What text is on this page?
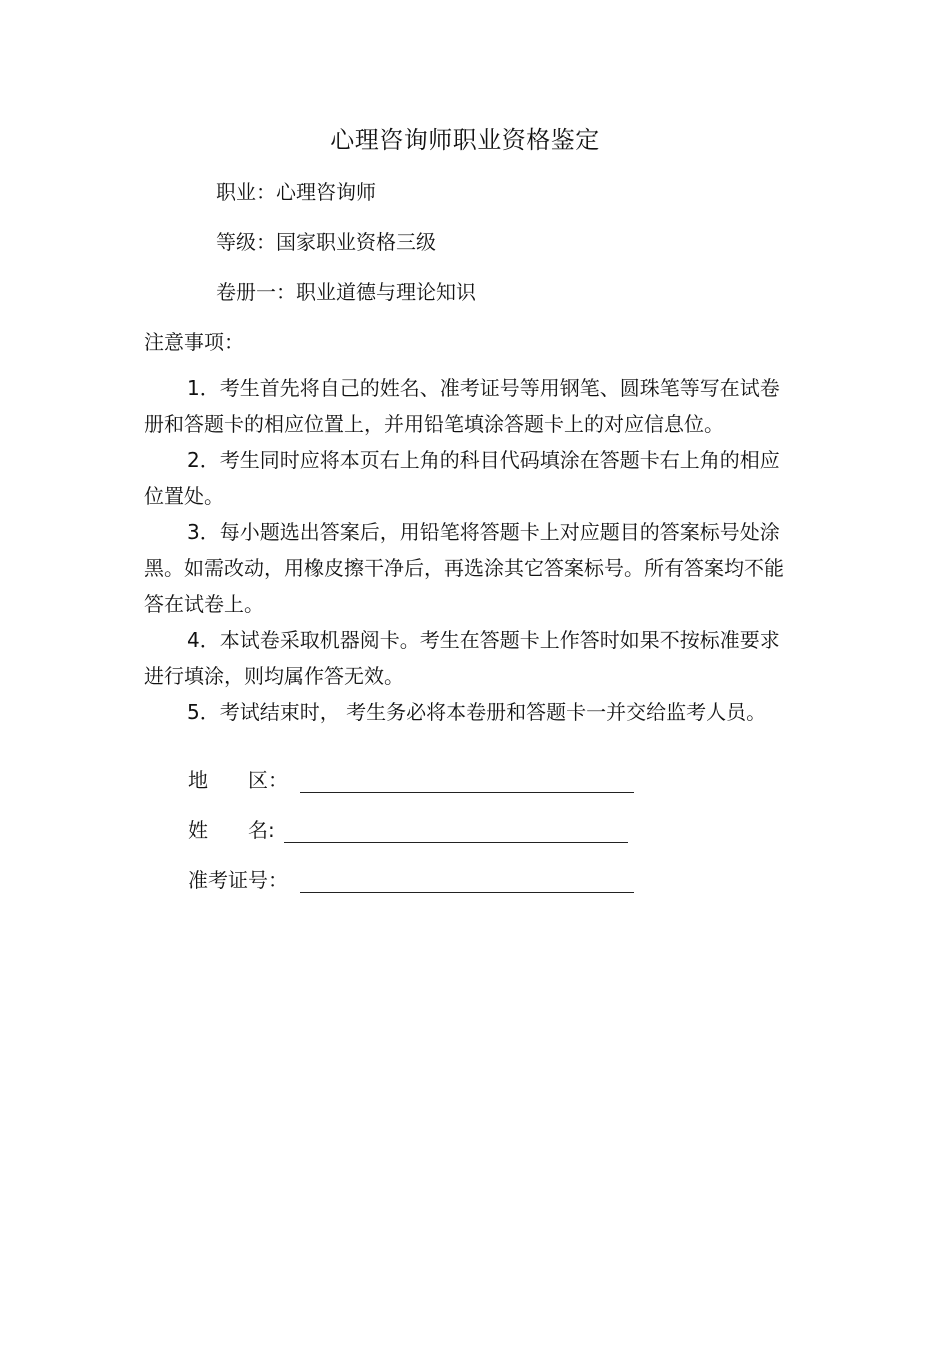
心理咨询师职业资格鉴定
职业：心理咨询师
等级：国家职业资格三级
卷册一：职业道德与理论知识
注意事项：

1．考生首先将自己的姓名、准考证号等用钢笔、圆珠笔等写在试卷册和答题卡的相应位置上，并用铅笔填涂答题卡上的对应信息位。

2．考生同时应将本页右上角的科目代码填涂在答题卡右上角的相应位置处。

3．每小题选出答案后，用铅笔将答题卡上对应题目的答案标号处涂黑。如需改动，用橡皮擦干净后，再选涂其它答案标号。所有答案均不能答在试卷上。

4．本试卷采取机器阅卡。考生在答题卡上作答时如果不按标准要求进行填涂，则均属作答无效。

5．考试结束时， 考生务必将本卷册和答题卡一并交给监考人员。

地　　区：
姓　　名:
准考证号：
